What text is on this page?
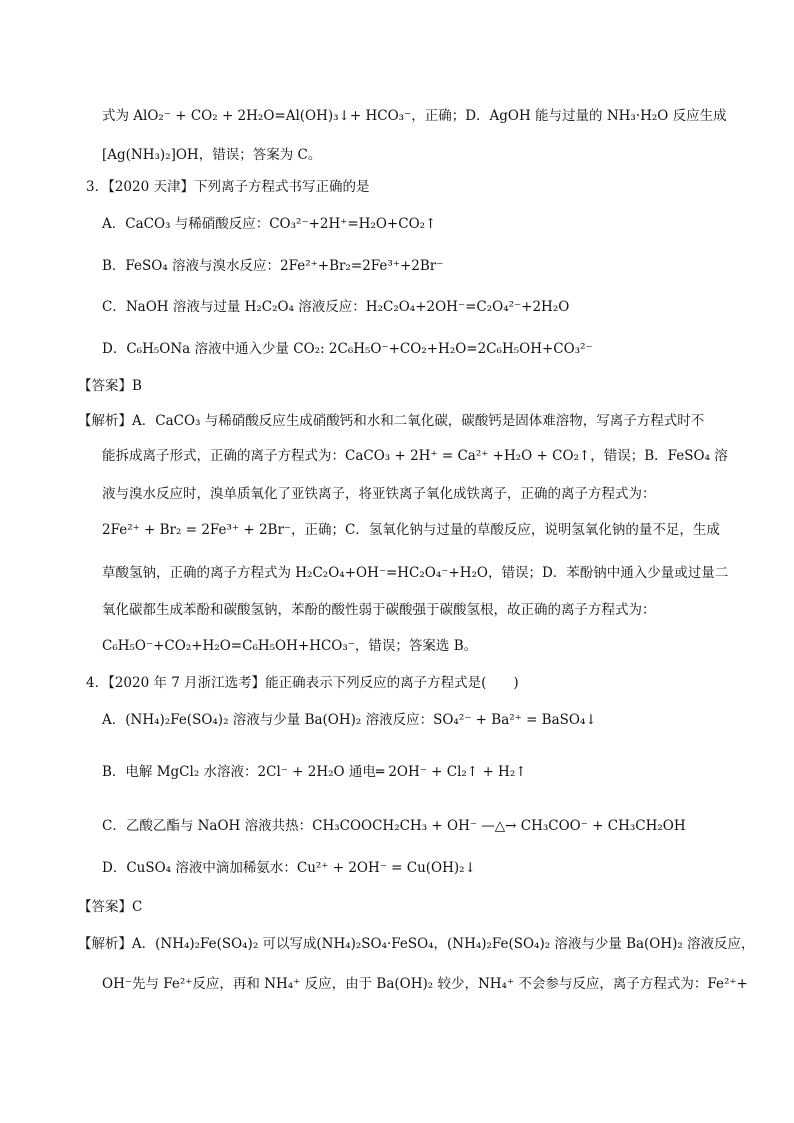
式为 AlO₂⁻ + CO₂ + 2H₂O=Al(OH)₃↓+ HCO₃⁻，正确；D．AgOH 能与过量的 NH₃·H₂O 反应生成
[Ag(NH₃)₂]OH，错误；答案为 C。
3．【2020 天津】下列离子方程式书写正确的是
A．CaCO₃ 与稀硝酸反应：CO₃²⁻+2H⁺=H₂O+CO₂↑
B．FeSO₄ 溶液与溴水反应：2Fe²⁺+Br₂=2Fe³⁺+2Br⁻
C．NaOH 溶液与过量 H₂C₂O₄ 溶液反应：H₂C₂O₄+2OH⁻=C₂O₄²⁻+2H₂O
D．C₆H₅ONa 溶液中通入少量 CO₂: 2C₆H₅O⁻+CO₂+H₂O=2C₆H₅OH+CO₃²⁻
【答案】B
【解析】A．CaCO₃ 与稀硝酸反应生成硝酸钙和水和二氧化碳，碳酸钙是固体难溶物，写离子方程式时不
能拆成离子形式，正确的离子方程式为：CaCO₃ + 2H⁺ = Ca²⁺ +H₂O + CO₂↑，错误；B．FeSO₄ 溶
液与溴水反应时，溴单质氧化了亚铁离子，将亚铁离子氧化成铁离子，正确的离子方程式为：
2Fe²⁺ + Br₂ = 2Fe³⁺ + 2Br⁻，正确；C．氢氧化钠与过量的草酸反应，说明氢氧化钠的量不足，生成
草酸氢钠，正确的离子方程式为 H₂C₂O₄+OH⁻=HC₂O₄⁻+H₂O，错误；D．苯酚钠中通入少量或过量二
氧化碳都生成苯酚和碳酸氢钠，苯酚的酸性弱于碳酸强于碳酸氢根，故正确的离子方程式为：
C₆H₅O⁻+CO₂+H₂O=C₆H₅OH+HCO₃⁻，错误；答案选 B。
4．【2020 年 7 月浙江选考】能正确表示下列反应的离子方程式是(　　)
A．(NH₄)₂Fe(SO₄)₂ 溶液与少量 Ba(OH)₂ 溶液反应：SO₄²⁻ + Ba²⁺ = BaSO₄↓
B．电解 MgCl₂ 水溶液：2Cl⁻ + 2H₂O 通电═ 2OH⁻ + Cl₂↑ + H₂↑
C．乙酸乙酯与 NaOH 溶液共热：CH₃COOCH₂CH₃ + OH⁻ —△→ CH₃COO⁻ + CH₃CH₂OH
D．CuSO₄ 溶液中滴加稀氨水：Cu²⁺ + 2OH⁻ = Cu(OH)₂↓
【答案】C
【解析】A．(NH₄)₂Fe(SO₄)₂ 可以写成(NH₄)₂SO₄·FeSO₄，(NH₄)₂Fe(SO₄)₂ 溶液与少量 Ba(OH)₂ 溶液反应，
OH⁻先与 Fe²⁺反应，再和 NH₄⁺ 反应，由于 Ba(OH)₂ 较少，NH₄⁺ 不会参与反应，离子方程式为：Fe²⁺+
